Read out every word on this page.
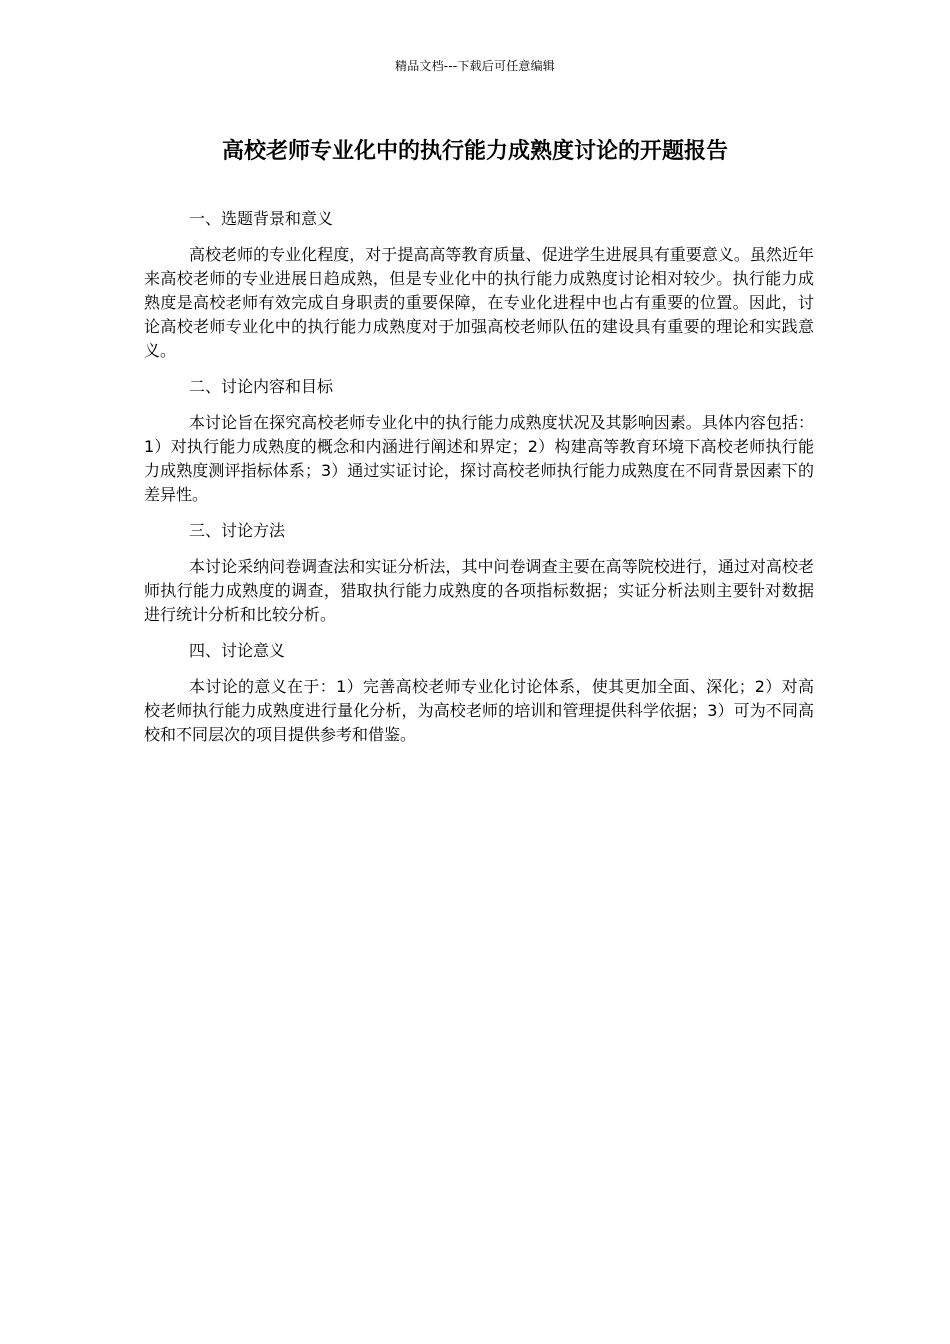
精品文档---下载后可任意编辑
高校老师专业化中的执行能力成熟度讨论的开题报告
一、选题背景和意义

高校老师的专业化程度，对于提高高等教育质量、促进学生进展具有重要意义。虽然近年来高校老师的专业进展日趋成熟，但是专业化中的执行能力成熟度讨论相对较少。执行能力成熟度是高校老师有效完成自身职责的重要保障，在专业化进程中也占有重要的位置。因此，讨论高校老师专业化中的执行能力成熟度对于加强高校老师队伍的建设具有重要的理论和实践意义。

二、讨论内容和目标

本讨论旨在探究高校老师专业化中的执行能力成熟度状况及其影响因素。具体内容包括：1）对执行能力成熟度的概念和内涵进行阐述和界定；2）构建高等教育环境下高校老师执行能力成熟度测评指标体系；3）通过实证讨论，探讨高校老师执行能力成熟度在不同背景因素下的差异性。

三、讨论方法

本讨论采纳问卷调查法和实证分析法，其中问卷调查主要在高等院校进行，通过对高校老师执行能力成熟度的调查，猎取执行能力成熟度的各项指标数据；实证分析法则主要针对数据进行统计分析和比较分析。

四、讨论意义

本讨论的意义在于：1）完善高校老师专业化讨论体系，使其更加全面、深化；2）对高校老师执行能力成熟度进行量化分析，为高校老师的培训和管理提供科学依据；3）可为不同高校和不同层次的项目提供参考和借鉴。
